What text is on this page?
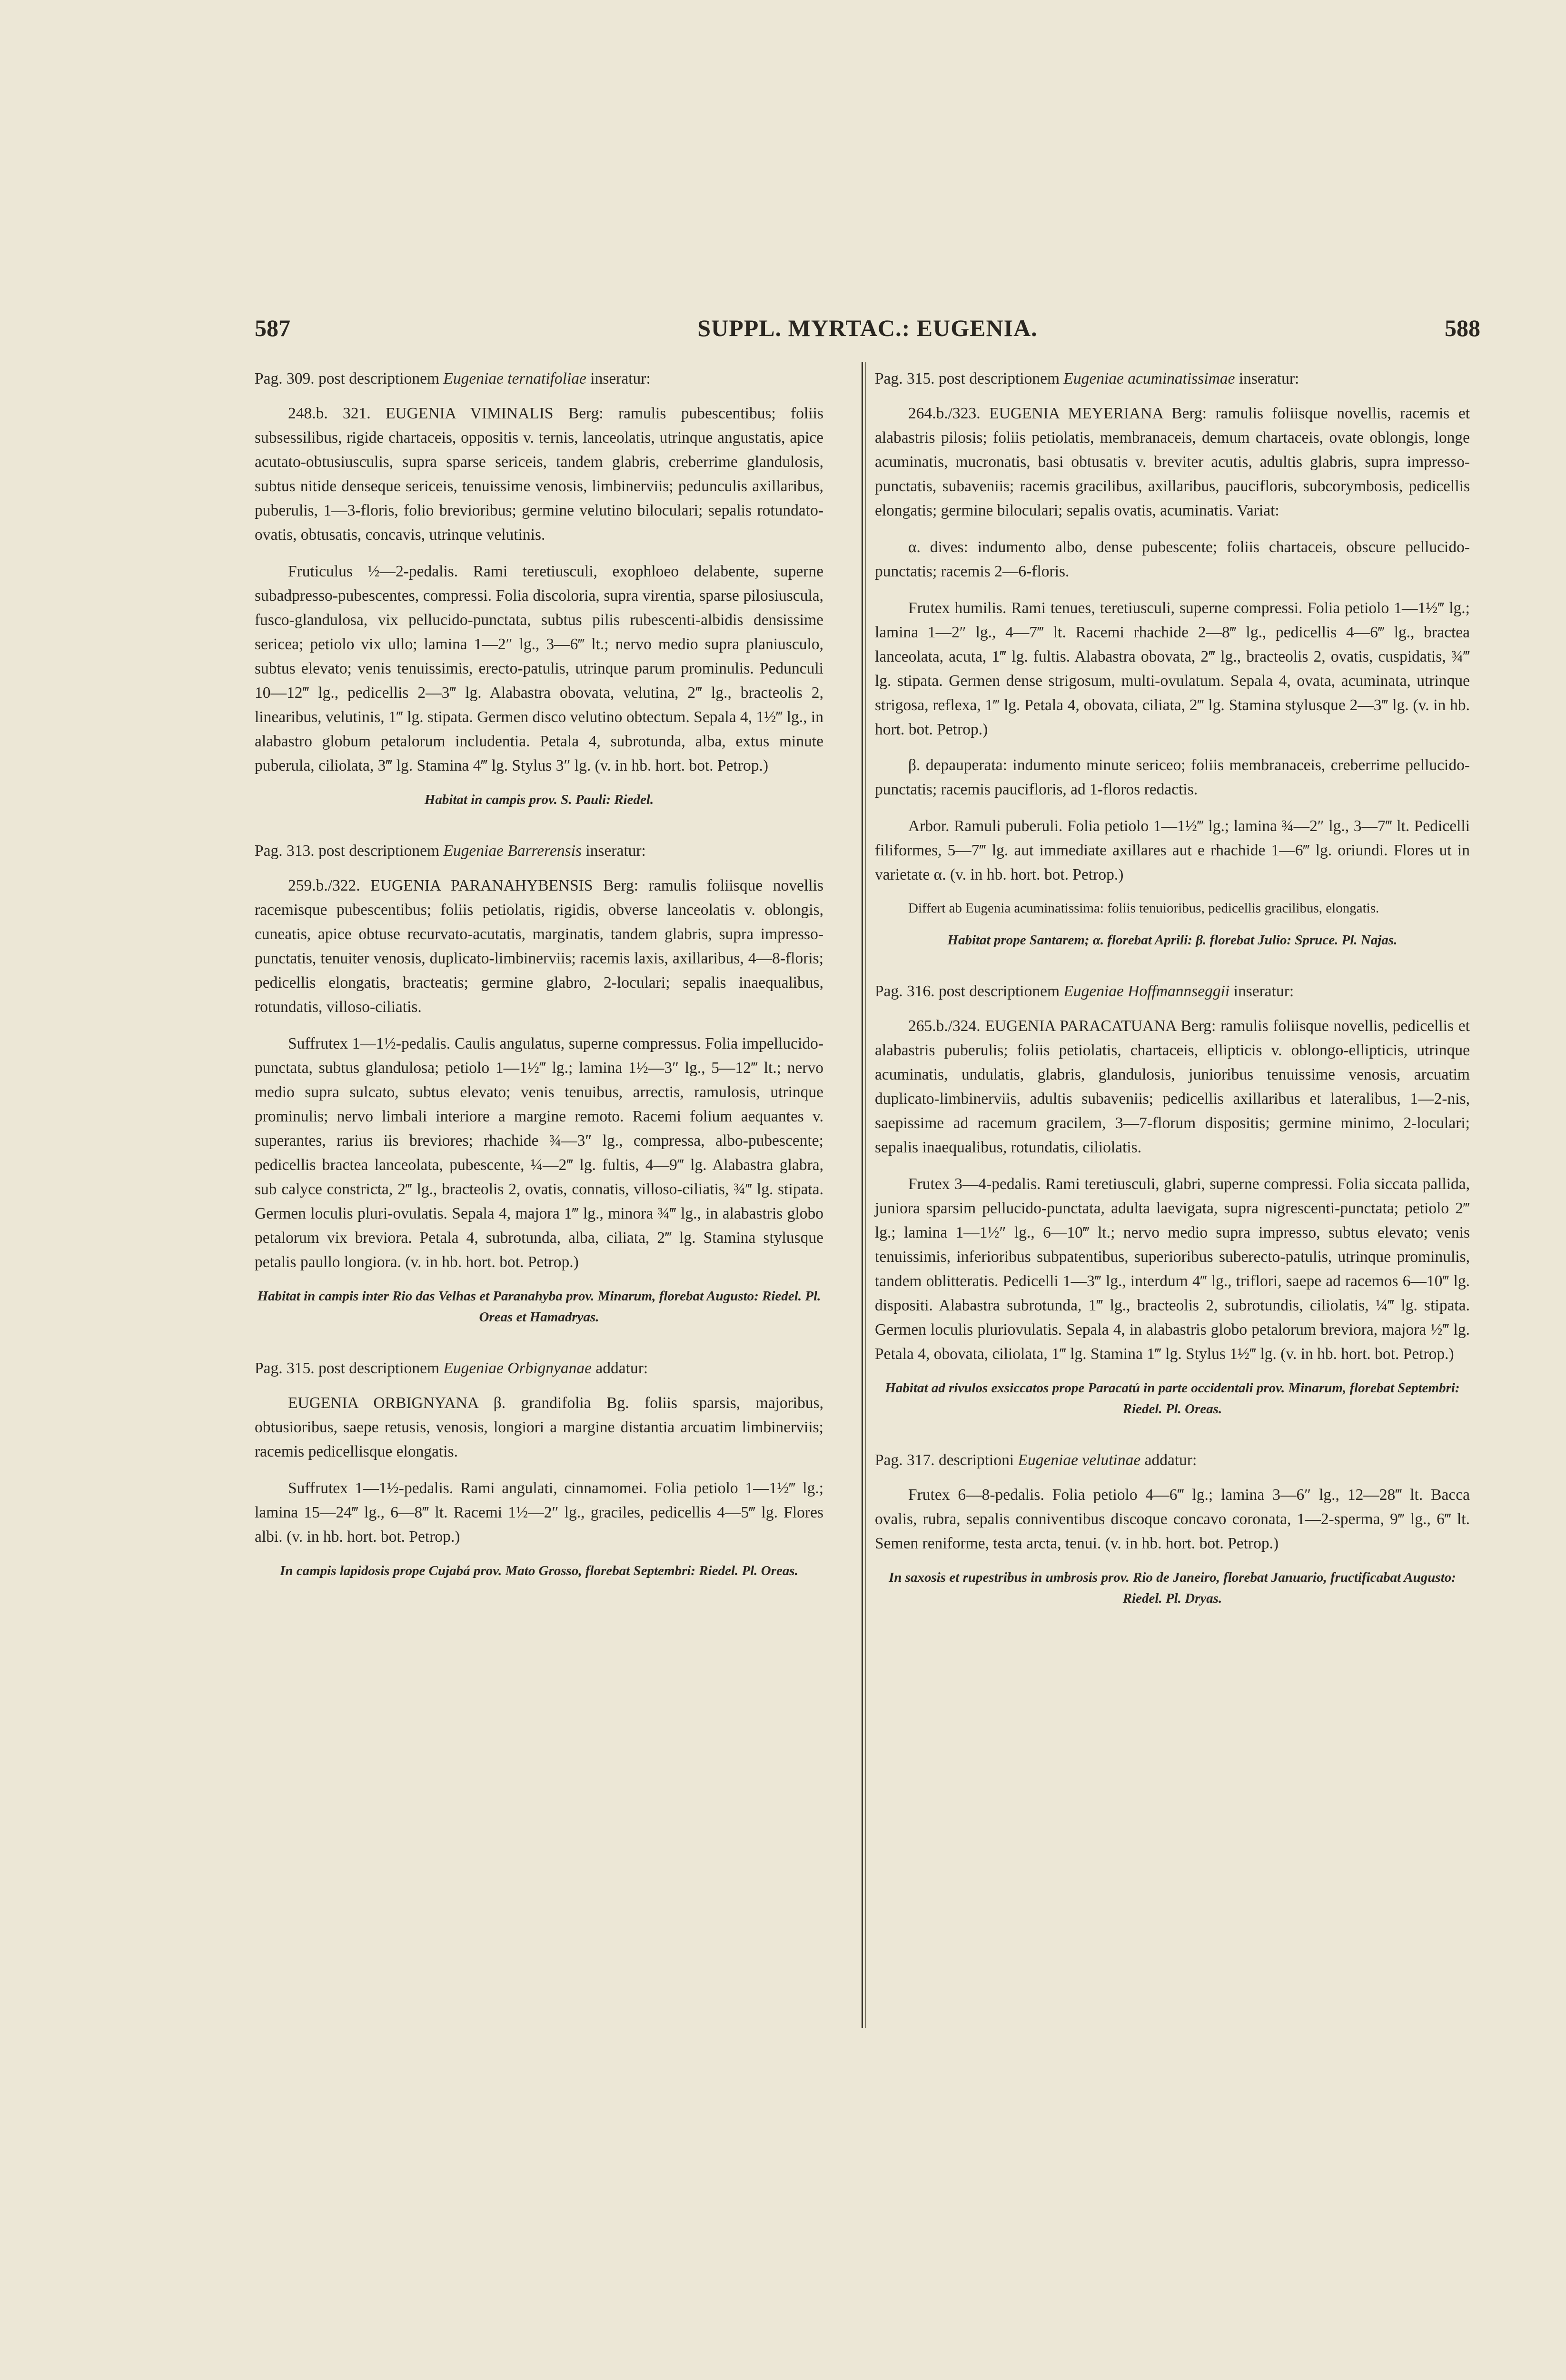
587	SUPPL. MYRTAC.: EUGENIA.	588

Pag. 309. post descriptionem Eugeniae ternatifoliae inseratur:

248.b. 321. EUGENIA VIMINALIS Berg: ramulis pubescentibus; foliis subsessilibus, rigide chartaceis, oppositis v. ternis, lanceolatis, utrinque angustatis, apice acutato-obtusiusculis, supra sparse sericeis, tandem glabris, creberrime glandulosis, subtus nitide denseque sericeis, tenuissime venosis, limbinerviis; pedunculis axillaribus, puberulis, 1—3-floris, folio brevioribus; germine velutino biloculari; sepalis rotundato-ovatis, obtusatis, concavis, utrinque velutinis.

Fruticulus ½—2-pedalis. Rami teretiusculi, exophloeo delabente, superne subadpresso-pubescentes, compressi. Folia discoloria, supra virentia, sparse pilosiuscula, fusco-glandulosa, vix pellucido-punctata, subtus pilis rubescenti-albidis densissime sericea; petiolo vix ullo; lamina 1—2″ lg., 3—6‴ lt.; nervo medio supra planiusculo, subtus elevato; venis tenuissimis, erecto-patulis, utrinque parum prominulis. Pedunculi 10—12‴ lg., pedicellis 2—3‴ lg. Alabastra obovata, velutina, 2‴ lg., bracteolis 2, linearibus, velutinis, 1‴ lg. stipata. Germen disco velutino obtectum. Sepala 4, 1½‴ lg., in alabastro globum petalorum includentia. Petala 4, subrotunda, alba, extus minute puberula, ciliolata, 3‴ lg. Stamina 4‴ lg. Stylus 3″ lg. (v. in hb. hort. bot. Petrop.)

Habitat in campis prov. S. Pauli: Riedel.

Pag. 313. post descriptionem Eugeniae Barrerensis inseratur:

259.b./322. EUGENIA PARANAHYBENSIS Berg: ramulis foliisque novellis racemisque pubescentibus; foliis petiolatis, rigidis, obverse lanceolatis v. oblongis, cuneatis, apice obtuse recurvato-acutatis, marginatis, tandem glabris, supra impresso-punctatis, tenuiter venosis, duplicato-limbinerviis; racemis laxis, axillaribus, 4—8-floris; pedicellis elongatis, bracteatis; germine glabro, 2-loculari; sepalis inaequalibus, rotundatis, villoso-ciliatis.

Suffrutex 1—1½-pedalis. Caulis angulatus, superne compressus. Folia impellucido-punctata, subtus glandulosa; petiolo 1—1½‴ lg.; lamina 1½—3″ lg., 5—12‴ lt.; nervo medio supra sulcato, subtus elevato; venis tenuibus, arrectis, ramulosis, utrinque prominulis; nervo limbali interiore a margine remoto. Racemi folium aequantes v. superantes, rarius iis breviores; rhachide ¾—3″ lg., compressa, albo-pubescente; pedicellis bractea lanceolata, pubescente, ¼—2‴ lg. fultis, 4—9‴ lg. Alabastra glabra, sub calyce constricta, 2‴ lg., bracteolis 2, ovatis, connatis, villoso-ciliatis, ¾‴ lg. stipata. Germen loculis pluri-ovulatis. Sepala 4, majora 1‴ lg., minora ¾‴ lg., in alabastris globo petalorum vix breviora. Petala 4, subrotunda, alba, ciliata, 2‴ lg. Stamina stylusque petalis paullo longiora. (v. in hb. hort. bot. Petrop.)

Habitat in campis inter Rio das Velhas et Paranahyba prov. Minarum, florebat Augusto: Riedel. Pl. Oreas et Hamadryas.

Pag. 315. post descriptionem Eugeniae Orbignyanae addatur:

EUGENIA ORBIGNYANA β. grandifolia Bg. foliis sparsis, majoribus, obtusioribus, saepe retusis, venosis, longiori a margine distantia arcuatim limbinerviis; racemis pedicellisque elongatis.

Suffrutex 1—1½-pedalis. Rami angulati, cinnamomei. Folia petiolo 1—1½‴ lg.; lamina 15—24‴ lg., 6—8‴ lt. Racemi 1½—2″ lg., graciles, pedicellis 4—5‴ lg. Flores albi. (v. in hb. hort. bot. Petrop.)

In campis lapidosis prope Cujabá prov. Mato Grosso, florebat Septembri: Riedel. Pl. Oreas.

Pag. 315. post descriptionem Eugeniae acuminatissimae inseratur:

264.b./323. EUGENIA MEYERIANA Berg: ramulis foliisque novellis, racemis et alabastris pilosis; foliis petiolatis, membranaceis, demum chartaceis, ovate oblongis, longe acuminatis, mucronatis, basi obtusatis v. breviter acutis, adultis glabris, supra impresso-punctatis, subaveniis; racemis gracilibus, axillaribus, paucifloris, subcorymbosis, pedicellis elongatis; germine biloculari; sepalis ovatis, acuminatis. Variat:

α. dives: indumento albo, dense pubescente; foliis chartaceis, obscure pellucido-punctatis; racemis 2—6-floris.

Frutex humilis. Rami tenues, teretiusculi, superne compressi. Folia petiolo 1—1½‴ lg.; lamina 1—2″ lg., 4—7‴ lt. Racemi rhachide 2—8‴ lg., pedicellis 4—6‴ lg., bractea lanceolata, acuta, 1‴ lg. fultis. Alabastra obovata, 2‴ lg., bracteolis 2, ovatis, cuspidatis, ¾‴ lg. stipata. Germen dense strigosum, multi-ovulatum. Sepala 4, ovata, acuminata, utrinque strigosa, reflexa, 1‴ lg. Petala 4, obovata, ciliata, 2‴ lg. Stamina stylusque 2—3‴ lg. (v. in hb. hort. bot. Petrop.)

β. depauperata: indumento minute sericeo; foliis membranaceis, creberrime pellucido-punctatis; racemis paucifloris, ad 1-floros redactis.

Arbor. Ramuli puberuli. Folia petiolo 1—1½‴ lg.; lamina ¾—2″ lg., 3—7‴ lt. Pedicelli filiformes, 5—7‴ lg. aut immediate axillares aut e rhachide 1—6‴ lg. oriundi. Flores ut in varietate α. (v. in hb. hort. bot. Petrop.)

Differt ab Eugenia acuminatissima: foliis tenuioribus, pedicellis gracilibus, elongatis.

Habitat prope Santarem; α. florebat Aprili: β. florebat Julio: Spruce. Pl. Najas.

Pag. 316. post descriptionem Eugeniae Hoffmannseggii inseratur:

265.b./324. EUGENIA PARACATUANA Berg: ramulis foliisque novellis, pedicellis et alabastris puberulis; foliis petiolatis, chartaceis, ellipticis v. oblongo-ellipticis, utrinque acuminatis, undulatis, glabris, glandulosis, junioribus tenuissime venosis, arcuatim duplicato-limbinerviis, adultis subaveniis; pedicellis axillaribus et lateralibus, 1—2-nis, saepissime ad racemum gracilem, 3—7-florum dispositis; germine minimo, 2-loculari; sepalis inaequalibus, rotundatis, ciliolatis.

Frutex 3—4-pedalis. Rami teretiusculi, glabri, superne compressi. Folia siccata pallida, juniora sparsim pellucido-punctata, adulta laevigata, supra nigrescenti-punctata; petiolo 2‴ lg.; lamina 1—1½″ lg., 6—10‴ lt.; nervo medio supra impresso, subtus elevato; venis tenuissimis, inferioribus subpatentibus, superioribus suberecto-patulis, utrinque prominulis, tandem oblitteratis. Pedicelli 1—3‴ lg., interdum 4‴ lg., triflori, saepe ad racemos 6—10‴ lg. dispositi. Alabastra subrotunda, 1‴ lg., bracteolis 2, subrotundis, ciliolatis, ¼‴ lg. stipata. Germen loculis pluriovulatis. Sepala 4, in alabastris globo petalorum breviora, majora ½‴ lg. Petala 4, obovata, ciliolata, 1‴ lg. Stamina 1‴ lg. Stylus 1½‴ lg. (v. in hb. hort. bot. Petrop.)

Habitat ad rivulos exsiccatos prope Paracatú in parte occidentali prov. Minarum, florebat Septembri: Riedel. Pl. Oreas.

Pag. 317. descriptioni Eugeniae velutinae addatur:

Frutex 6—8-pedalis. Folia petiolo 4—6‴ lg.; lamina 3—6″ lg., 12—28‴ lt. Bacca ovalis, rubra, sepalis conniventibus discoque concavo coronata, 1—2-sperma, 9‴ lg., 6‴ lt. Semen reniforme, testa arcta, tenui. (v. in hb. hort. bot. Petrop.)

In saxosis et rupestribus in umbrosis prov. Rio de Janeiro, florebat Januario, fructificabat Augusto: Riedel. Pl. Dryas.
